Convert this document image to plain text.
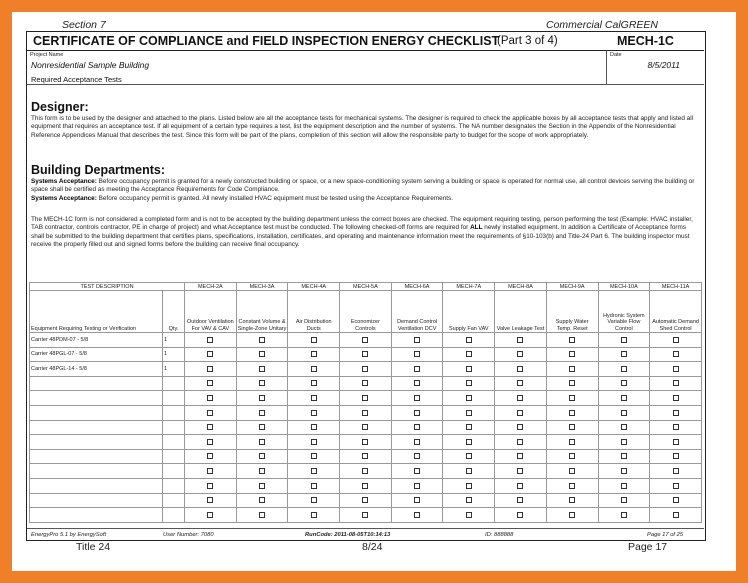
Section 7	Commercial CalGREEN
CERTIFICATE OF COMPLIANCE and FIELD INSPECTION ENERGY CHECKLIST
(Part 3 of 4)	MECH-1C
Project Name
Nonresidential Sample Building
Required Acceptance Tests
Date
8/5/2011
Designer:
This form is to be used by the designer and attached to the plans. Listed below are all the acceptance tests for mechanical systems. The designer is required to check the applicable boxes by all acceptance tests that apply and listed all equipment that requires an acceptance test. If all equipment of a certain type requires a test, list the equipment description and the number of systems. The NA number designates the Section in the Appendix of the Nonresidential Reference Appendices Manual that describes the test. Since this form will be part of the plans, completion of this section will allow the responsible party to budget for the scope of work appropriately.
Building Departments:
Systems Acceptance: Before occupancy permit is granted for a newly constructed building or space, or a new space-conditioning system serving a building or space is operated for normal use, all control devices serving the building or space shall be certified as meeting the Acceptance Requirements for Code Compliance.
Systems Acceptance: Before occupancy permit is granted. All newly installed HVAC equipment must be tested using the Acceptance Requirements.
The MECH-1C form is not considered a completed form and is not to be accepted by the building department unless the correct boxes are checked. The equipment requiring testing, person performing the test (Example: HVAC installer, TAB contractor, controls contractor, PE in charge of project) and what Acceptance test must be conducted. The following checked-off forms are required for ALL newly installed equipment. In addition a Certificate of Acceptance forms shall be submitted to the building department that certifies plans, specifications, installation, certificates, and operating and maintenance information meet the requirements of §10-103(b) and Title-24 Part 6. The building inspector must receive the properly filled out and signed forms before the building can receive final occupancy.
TEST DESCRIPTION		MECH-2A	MECH-3A	MECH-4A	MECH-5A	MECH-6A	MECH-7A	MECH-8A	MECH-9A	MECH-10A	MECH-11A
Equipment Requiring Testing or Verification	Qty.	Outdoor Ventilation For VAV & CAV	Constant Volume & Single-Zone Unitary	Air Distribution Ducts	Economizer Controls	Demand Control Ventilation DCV	Supply Fan VAV	Valve Leakage Test	Supply Water Temp. Reset	Hydronic System Variable Flow Control	Automatic Demand Shed Control
Carrier 48PDM-07 - 5/8	1										
Carrier 48PGL-07 - 5/8	1										
Carrier 48PGL-14 - 5/8	1										

EnergyPro 5.1 by EnergySoft	User Number: 7080	RunCode: 2011-08-05T10:14:13	ID: 888888	Page 17 of 25
Title 24	8/24	Page 17
